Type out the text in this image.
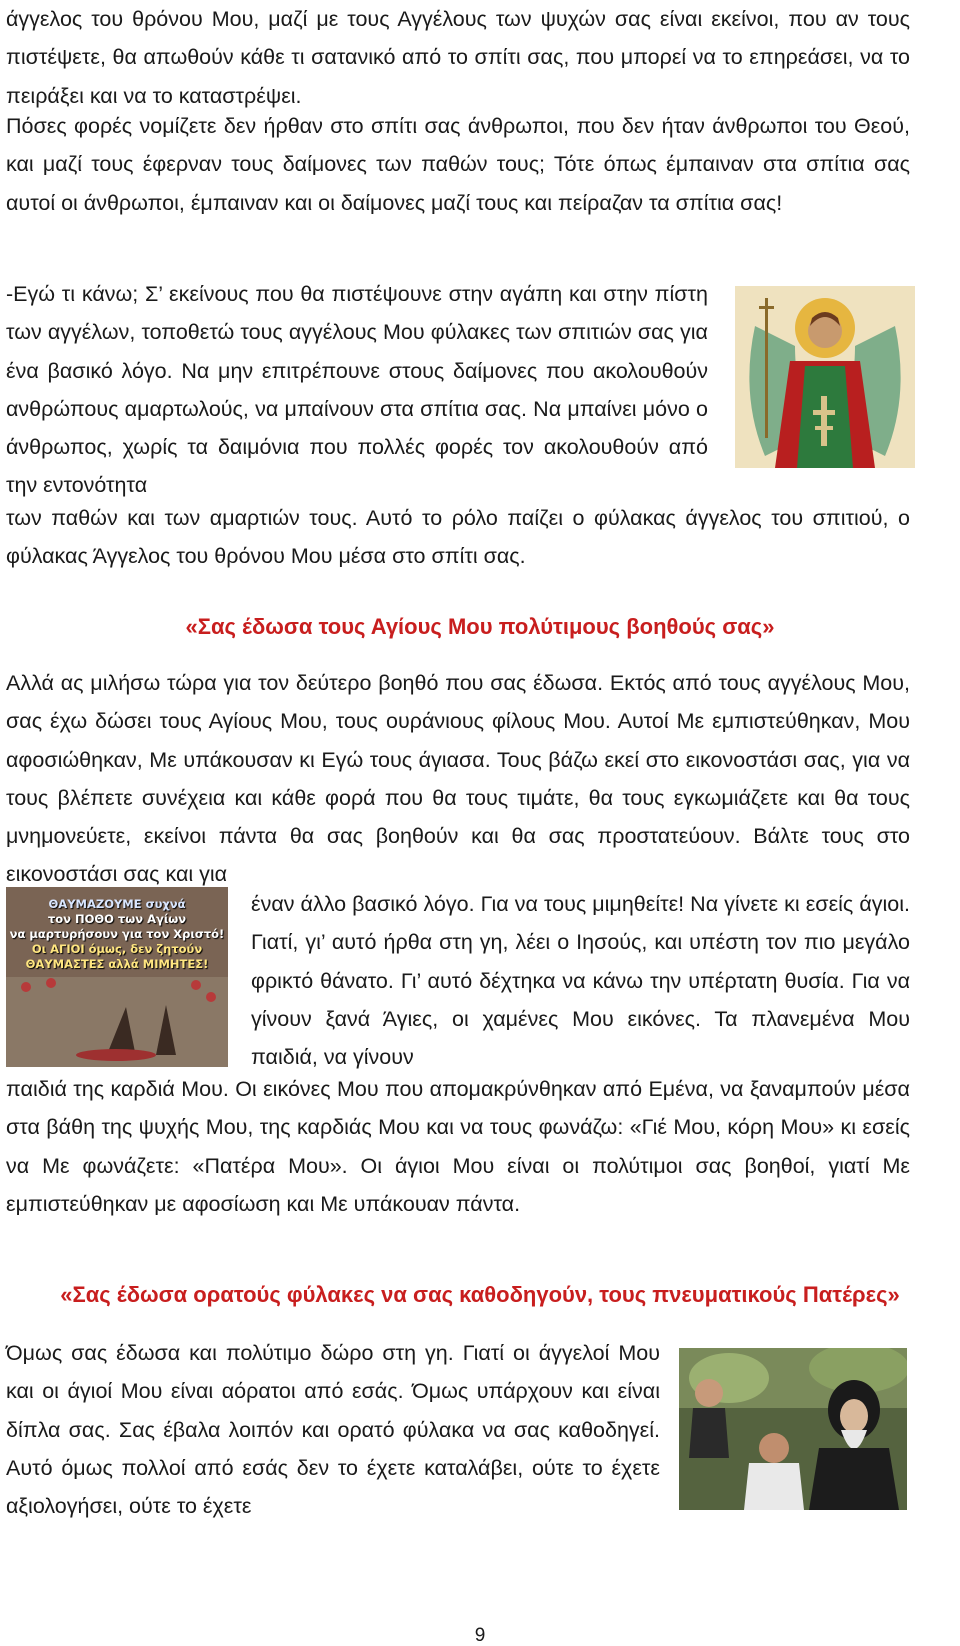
άγγελος του θρόνου Μου, μαζί με τους Αγγέλους των ψυχών σας είναι εκείνοι, που αν τους πιστέψετε, θα απωθούν κάθε τι σατανικό από το σπίτι σας, που μπορεί να το επηρεάσει, να το πειράξει και να το καταστρέψει.

Πόσες φορές νομίζετε δεν ήρθαν στο σπίτι σας άνθρωποι, που δεν ήταν άνθρωποι του Θεού, και μαζί τους έφερναν τους δαίμονες των παθών τους; Τότε όπως έμπαιναν στα σπίτια σας αυτοί οι άνθρωποι, έμπαιναν και οι δαίμονες μαζί τους και πείραζαν τα σπίτια σας!

-Εγώ τι κάνω; Σ’ εκείνους που θα πιστέψουνε στην αγάπη και στην πίστη των αγγέλων, τοποθετώ τους αγγέλους Μου φύλακες των σπιτιών σας για ένα βασικό λόγο. Να μην επιτρέπουνε στους δαίμονες που ακολουθούν ανθρώπους αμαρτωλούς, να μπαίνουν στα σπίτια σας. Να μπαίνει μόνο ο άνθρωπος, χωρίς τα δαιμόνια που πολλές φορές τον ακολουθούν από την εντονότητα

των παθών και των αμαρτιών τους. Αυτό το ρόλο παίζει ο φύλακας άγγελος του σπιτιού, ο φύλακας Άγγελος του θρόνου Μου μέσα στο σπίτι σας.

«Σας έδωσα τους Αγίους Μου πολύτιμους βοηθούς σας»

Αλλά ας μιλήσω τώρα για τον δεύτερο βοηθό που σας έδωσα. Εκτός από τους αγγέλους Μου, σας έχω δώσει τους Αγίους Μου, τους ουράνιους φίλους Μου. Αυτοί Με εμπιστεύθηκαν, Μου αφοσιώθηκαν, Με υπάκουσαν κι Εγώ τους άγιασα. Τους βάζω εκεί στο εικονοστάσι σας, για να τους βλέπετε συνέχεια και κάθε φορά που θα τους τιμάτε, θα τους εγκωμιάζετε και θα τους μνημονεύετε, εκείνοι πάντα θα σας βοηθούν και θα σας προστατεύουν. Βάλτε τους στο εικονοστάσι σας και για

ΘΑΥΜΑΖΟΥΜΕ συχνά
τον ΠΟΘΟ των Αγίων
να μαρτυρήσουν για τον Χριστό!
Οι ΑΓΙΟΙ όμως, δεν ζητούν
ΘΑΥΜΑΣΤΕΣ αλλά ΜΙΜΗΤΕΣ!

έναν άλλο βασικό λόγο. Για να τους μιμηθείτε! Να γίνετε κι εσείς άγιοι. Γιατί, γι’ αυτό ήρθα στη γη, λέει ο Ιησούς, και υπέστη τον πιο μεγάλο φρικτό θάνατο. Γι’ αυτό δέχτηκα να κάνω την υπέρτατη θυσία. Για να γίνουν ξανά Άγιες, οι χαμένες Μου εικόνες. Τα πλανεμένα Μου παιδιά, να γίνουν

παιδιά της καρδιά Μου. Οι εικόνες Μου που απομακρύνθηκαν από Εμένα, να ξαναμπούν μέσα στα βάθη της ψυχής Μου, της καρδιάς Μου και να τους φωνάζω: «Γιέ Μου, κόρη Μου» κι εσείς να Με φωνάζετε: «Πατέρα Μου». Οι άγιοι Μου είναι οι πολύτιμοι σας βοηθοί, γιατί Με εμπιστεύθηκαν με αφοσίωση και Με υπάκουαν πάντα.

«Σας έδωσα ορατούς φύλακες να σας καθοδηγούν, τους πνευματικούς Πατέρες»

Όμως σας έδωσα και πολύτιμο δώρο στη γη. Γιατί οι άγγελοί Μου και οι άγιοί Μου είναι αόρατοι από εσάς. Όμως υπάρχουν και είναι δίπλα σας. Σας έβαλα λοιπόν και ορατό φύλακα να σας καθοδηγεί. Αυτό όμως πολλοί από εσάς δεν το έχετε καταλάβει, ούτε το έχετε αξιολογήσει, ούτε το έχετε

9
